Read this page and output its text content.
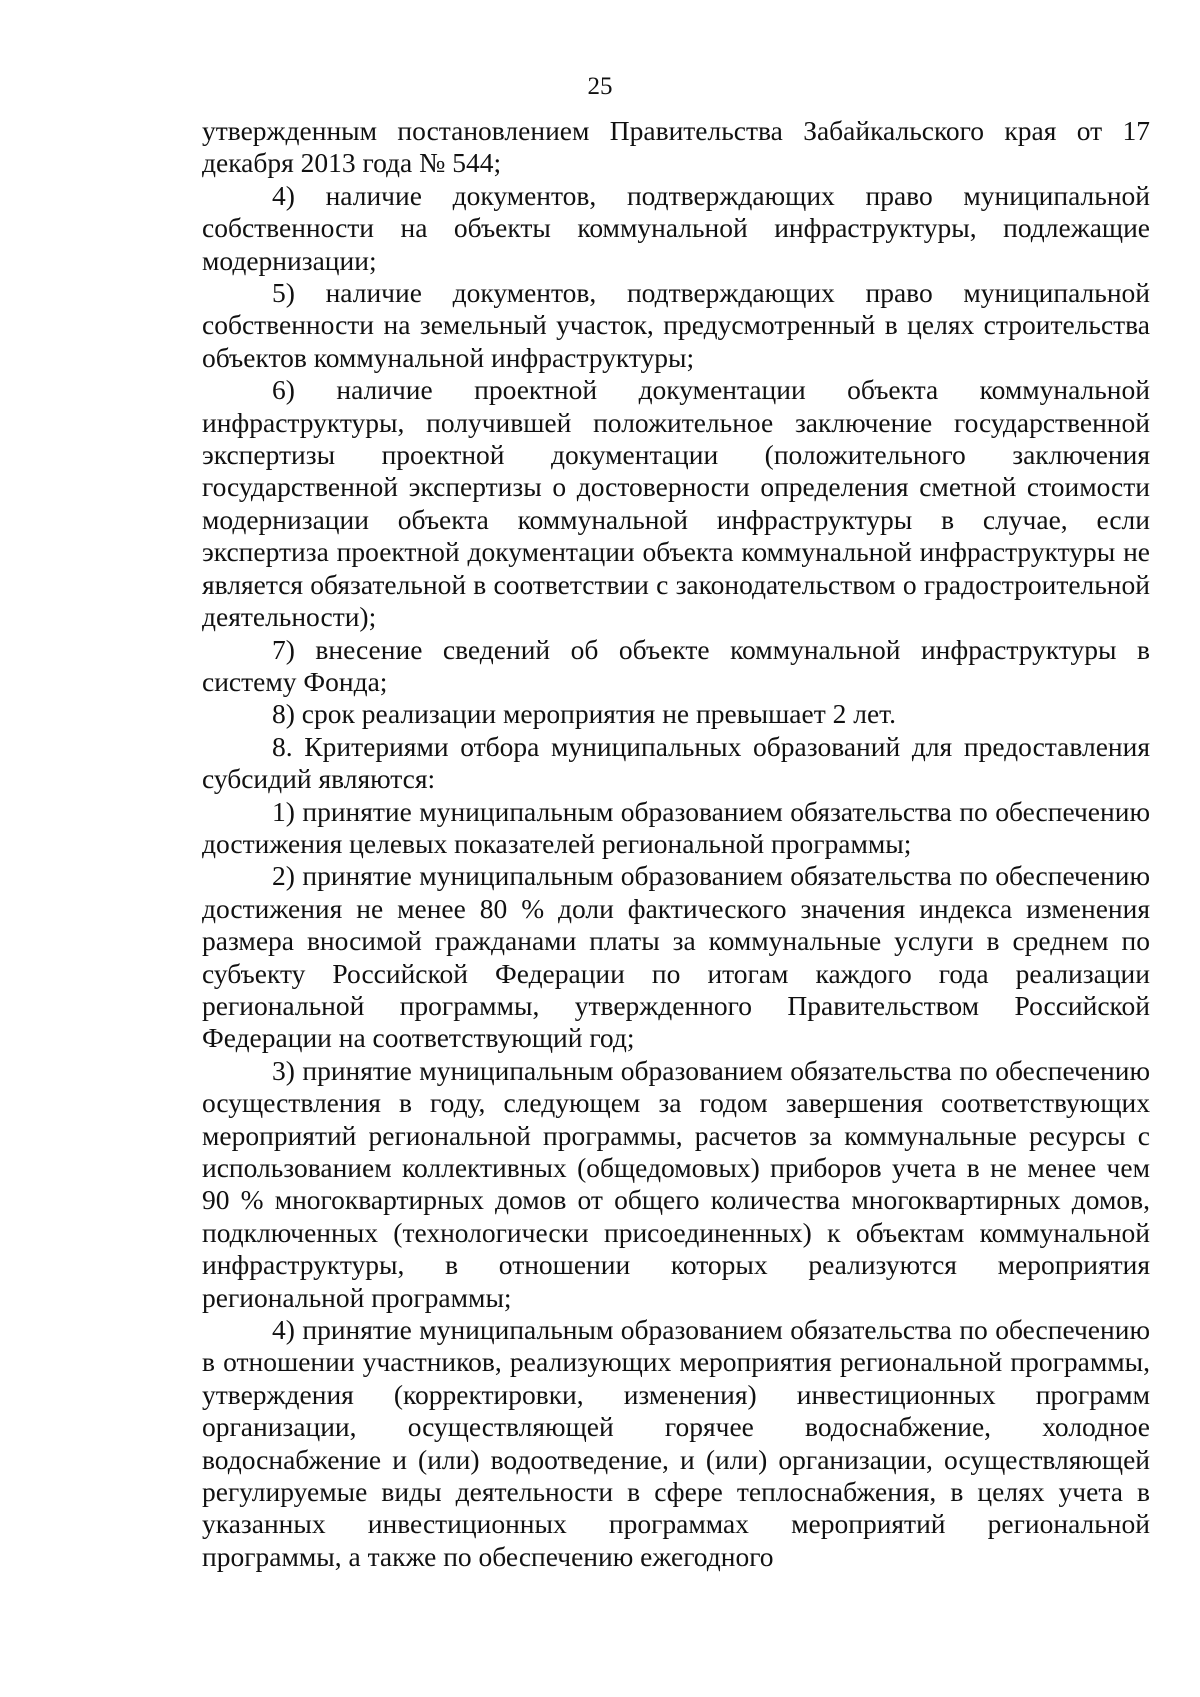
25

утвержденным постановлением Правительства Забайкальского края от 17 декабря 2013 года № 544;

4) наличие документов, подтверждающих право муниципальной собственности на объекты коммунальной инфраструктуры, подлежащие модернизации;

5) наличие документов, подтверждающих право муниципальной собственности на земельный участок, предусмотренный в целях строительства объектов коммунальной инфраструктуры;

6) наличие проектной документации объекта коммунальной инфраструктуры, получившей положительное заключение государственной экспертизы проектной документации (положительного заключения государственной экспертизы о достоверности определения сметной стоимости модернизации объекта коммунальной инфраструктуры в случае, если экспертиза проектной документации объекта коммунальной инфраструктуры не является обязательной в соответствии с законодательством о градостроительной деятельности);

7) внесение сведений об объекте коммунальной инфраструктуры в систему Фонда;

8) срок реализации мероприятия не превышает 2 лет.

8. Критериями отбора муниципальных образований для предоставления субсидий являются:

1) принятие муниципальным образованием обязательства по обеспечению достижения целевых показателей региональной программы;

2) принятие муниципальным образованием обязательства по обеспечению достижения не менее 80 % доли фактического значения индекса изменения размера вносимой гражданами платы за коммунальные услуги в среднем по субъекту Российской Федерации по итогам каждого года реализации региональной программы, утвержденного Правительством Российской Федерации на соответствующий год;

3) принятие муниципальным образованием обязательства по обеспечению осуществления в году, следующем за годом завершения соответствующих мероприятий региональной программы, расчетов за коммунальные ресурсы с использованием коллективных (общедомовых) приборов учета в не менее чем 90 % многоквартирных домов от общего количества многоквартирных домов, подключенных (технологически присоединенных) к объектам коммунальной инфраструктуры, в отношении которых реализуются мероприятия региональной программы;

4) принятие муниципальным образованием обязательства по обеспечению в отношении участников, реализующих мероприятия региональной программы, утверждения (корректировки, изменения) инвестиционных программ организации, осуществляющей горячее водоснабжение, холодное водоснабжение и (или) водоотведение, и (или) организации, осуществляющей регулируемые виды деятельности в сфере теплоснабжения, в целях учета в указанных инвестиционных программах мероприятий региональной программы, а также по обеспечению ежегодного
